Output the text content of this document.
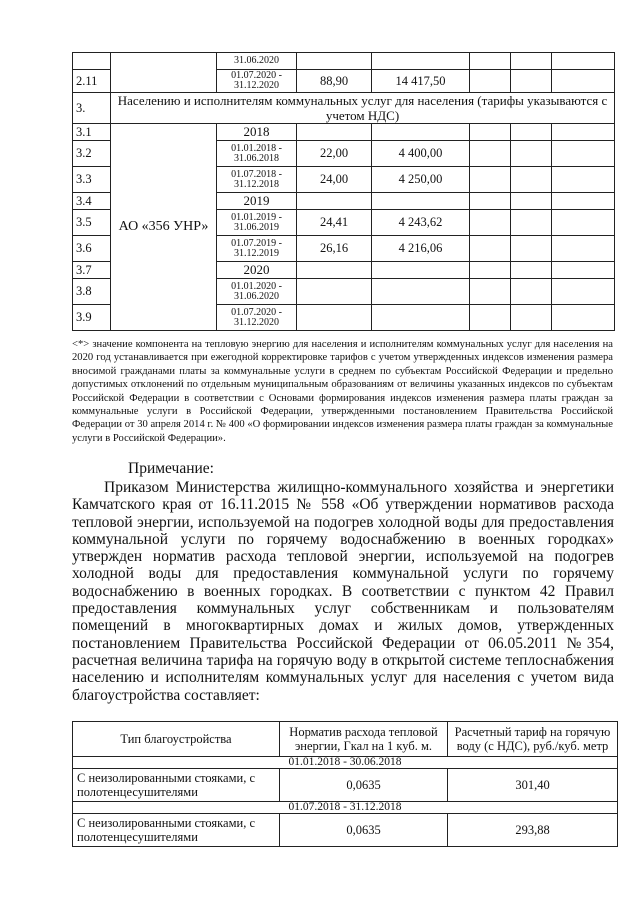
		31.06.2020					
2.11		01.07.2020 - 31.12.2020	88,90	14 417,50			
3.	Населению и исполнителям коммунальных услуг для населения (тарифы указываются с учетом НДС)						
3.1	АО «356 УНР»	2018					
3.2		01.01.2018 - 31.06.2018	22,00	4 400,00			
3.3		01.07.2018 - 31.12.2018	24,00	4 250,00			
3.4		2019					
3.5		01.01.2019 - 31.06.2019	24,41	4 243,62			
3.6		01.07.2019 - 31.12.2019	26,16	4 216,06			
3.7		2020					
3.8		01.01.2020 - 31.06.2020					
3.9		01.07.2020 - 31.12.2020					
<*> значение компонента на тепловую энергию для населения и исполнителям коммунальных услуг для населения на 2020 год устанавливается при ежегодной корректировке тарифов с учетом утвержденных индексов изменения размера вносимой гражданами платы за коммунальные услуги в среднем по субъектам Российской Федерации и предельно допустимых отклонений по отдельным муниципальным образованиям от величины указанных индексов по субъектам Российской Федерации в соответствии с Основами формирования индексов изменения размера платы граждан за коммунальные услуги в Российской Федерации, утвержденными постановлением Правительства Российской Федерации от 30 апреля 2014 г. № 400 «О формировании индексов изменения размера платы граждан за коммунальные услуги в Российской Федерации».
Примечание:

Приказом Министерства жилищно-коммунального хозяйства и энергетики Камчатского края от 16.11.2015 № 558 «Об утверждении нормативов расхода тепловой энергии, используемой на подогрев холодной воды для предоставления коммунальной услуги по горячему водоснабжению в военных городках» утвержден норматив расхода тепловой энергии, используемой на подогрев холодной воды для предоставления коммунальной услуги по горячему водоснабжению в военных городках. В соответствии с пунктом 42 Правил предоставления коммунальных услуг собственникам и пользователям помещений в многоквартирных домах и жилых домов, утвержденных постановлением Правительства Российской Федерации от 06.05.2011 №354, расчетная величина тарифа на горячую воду в открытой системе теплоснабжения населению и исполнителям коммунальных услуг для населения с учетом вида благоустройства составляет:

Тип благоустройства	Норматив расхода тепловой энергии, Гкал на 1 куб. м.	Расчетный тариф на горячую воду (с НДС), руб./куб. метр
01.01.2018 - 30.06.2018		
С неизолированными стояками, с полотенцесушителями	0,0635	301,40
01.07.2018 - 31.12.2018		
С неизолированными стояками, с полотенцесушителями	0,0635	293,88
